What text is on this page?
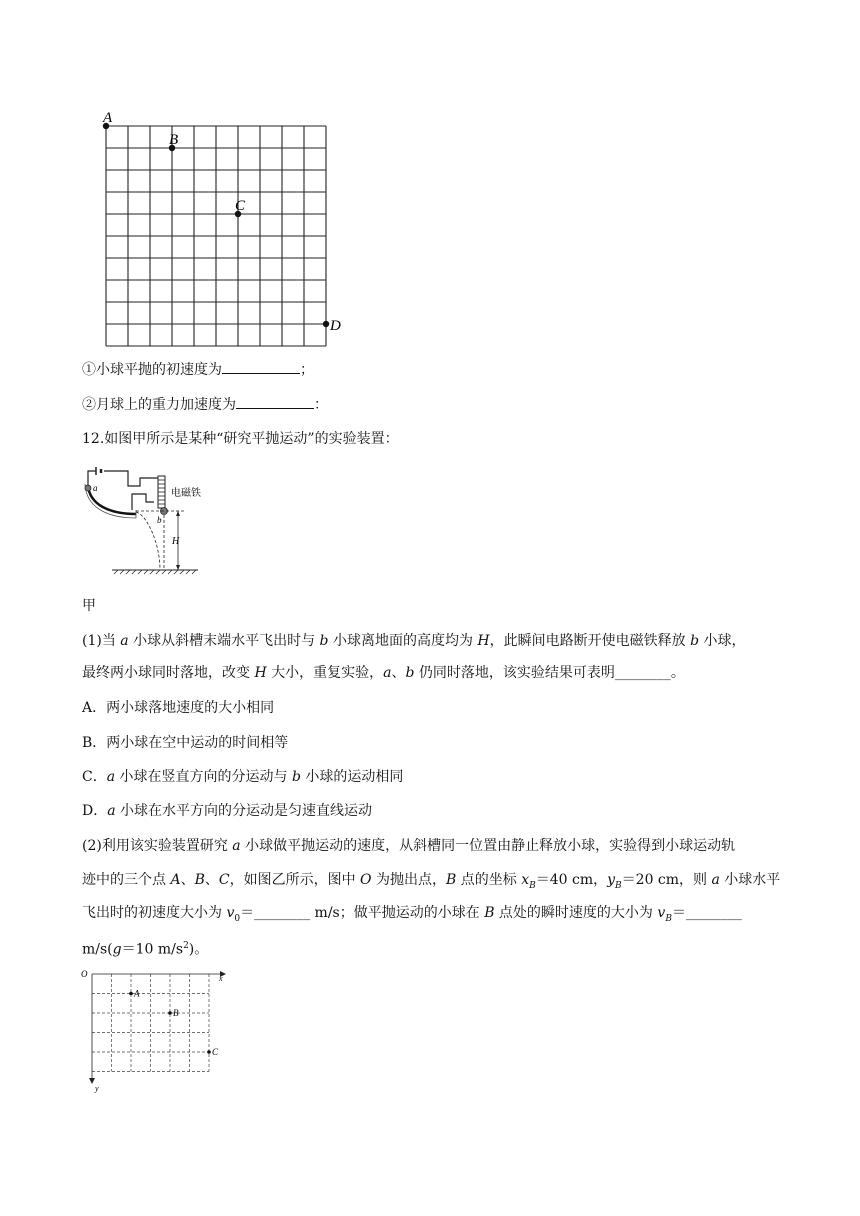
A
B
C
D
①小球平抛的初速度为	；
②月球上的重力加速度为	：
12.如图甲所示是某种“研究平抛运动”的实验装置：
电磁铁
a
b
H
甲
(1)当 a 小球从斜槽末端水平飞出时与 b 小球离地面的高度均为 H，此瞬间电路断开使电磁铁释放 b 小球，
最终两小球同时落地，改变 H 大小，重复实验，a、b 仍同时落地，该实验结果可表明________。
A．两小球落地速度的大小相同
B．两小球在空中运动的时间相等
C．a 小球在竖直方向的分运动与 b 小球的运动相同
D．a 小球在水平方向的分运动是匀速直线运动
(2)利用该实验装置研究 a 小球做平抛运动的速度，从斜槽同一位置由静止释放小球，实验得到小球运动轨
迹中的三个点 A、B、C，如图乙所示，图中 O 为抛出点，B 点的坐标 $x_B=40$ cm，$y_B=20$ cm，则 a 小球水平
飞出时的初速度大小为 $v_0=\_\_\_\_\_\_\_\_$ m/s；做平抛运动的小球在 B 点处的瞬时速度的大小为 $v_B=\_\_\_\_\_\_\_\_$
m/s(g＝10 $m/s^2$)。
O	x
y
A
B
C
